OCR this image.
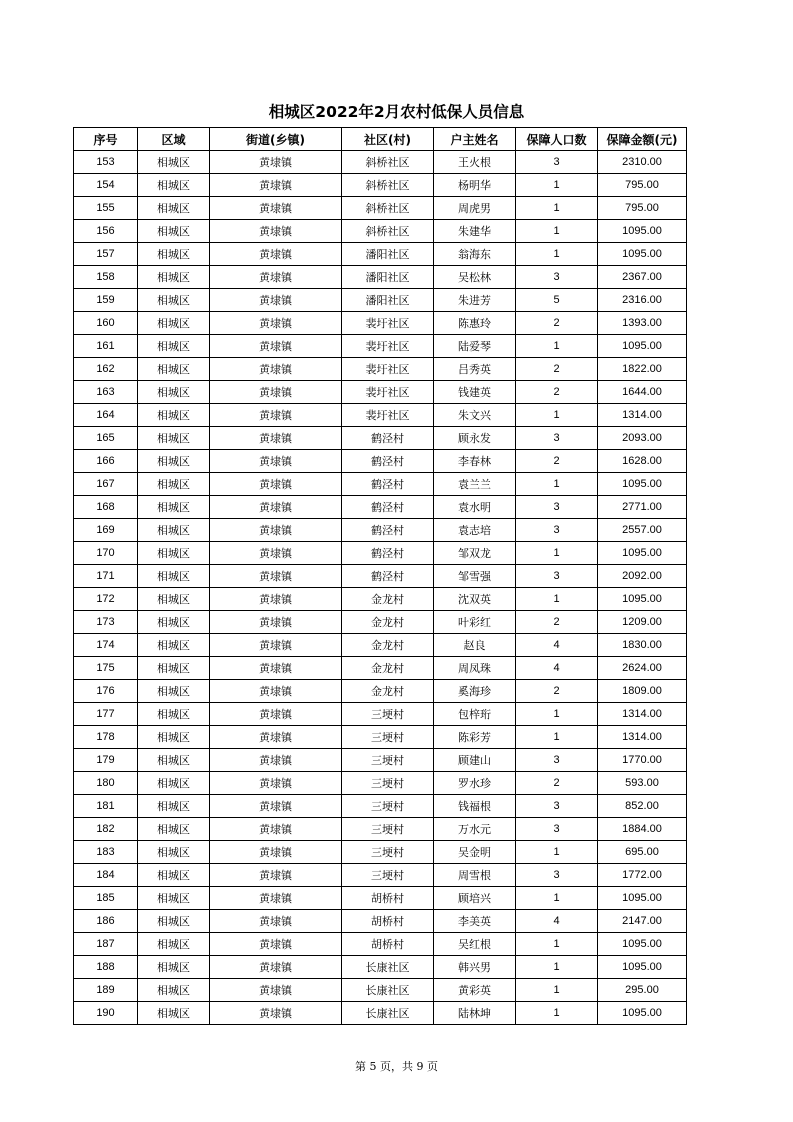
相城区2022年2月农村低保人员信息
序号	区域	街道(乡镇)	社区(村)	户主姓名	保障人口数	保障金额(元)
153	相城区	黄埭镇	斜桥社区	王火根	3	2310.00
154	相城区	黄埭镇	斜桥社区	杨明华	1	795.00
155	相城区	黄埭镇	斜桥社区	周虎男	1	795.00
156	相城区	黄埭镇	斜桥社区	朱建华	1	1095.00
157	相城区	黄埭镇	潘阳社区	翁海东	1	1095.00
158	相城区	黄埭镇	潘阳社区	吴松林	3	2367.00
159	相城区	黄埭镇	潘阳社区	朱进芳	5	2316.00
160	相城区	黄埭镇	裴圩社区	陈惠玲	2	1393.00
161	相城区	黄埭镇	裴圩社区	陆爱琴	1	1095.00
162	相城区	黄埭镇	裴圩社区	吕秀英	2	1822.00
163	相城区	黄埭镇	裴圩社区	钱建英	2	1644.00
164	相城区	黄埭镇	裴圩社区	朱文兴	1	1314.00
165	相城区	黄埭镇	鹤泾村	顾永发	3	2093.00
166	相城区	黄埭镇	鹤泾村	李春林	2	1628.00
167	相城区	黄埭镇	鹤泾村	袁兰兰	1	1095.00
168	相城区	黄埭镇	鹤泾村	袁水明	3	2771.00
169	相城区	黄埭镇	鹤泾村	袁志培	3	2557.00
170	相城区	黄埭镇	鹤泾村	邹双龙	1	1095.00
171	相城区	黄埭镇	鹤泾村	邹雪强	3	2092.00
172	相城区	黄埭镇	金龙村	沈双英	1	1095.00
173	相城区	黄埭镇	金龙村	叶彩红	2	1209.00
174	相城区	黄埭镇	金龙村	赵良	4	1830.00
175	相城区	黄埭镇	金龙村	周凤珠	4	2624.00
176	相城区	黄埭镇	金龙村	奚海珍	2	1809.00
177	相城区	黄埭镇	三埂村	包梓珩	1	1314.00
178	相城区	黄埭镇	三埂村	陈彩芳	1	1314.00
179	相城区	黄埭镇	三埂村	顾建山	3	1770.00
180	相城区	黄埭镇	三埂村	罗水珍	2	593.00
181	相城区	黄埭镇	三埂村	钱福根	3	852.00
182	相城区	黄埭镇	三埂村	万水元	3	1884.00
183	相城区	黄埭镇	三埂村	吴金明	1	695.00
184	相城区	黄埭镇	三埂村	周雪根	3	1772.00
185	相城区	黄埭镇	胡桥村	顾培兴	1	1095.00
186	相城区	黄埭镇	胡桥村	李美英	4	2147.00
187	相城区	黄埭镇	胡桥村	吴红根	1	1095.00
188	相城区	黄埭镇	长康社区	韩兴男	1	1095.00
189	相城区	黄埭镇	长康社区	黄彩英	1	295.00
190	相城区	黄埭镇	长康社区	陆林坤	1	1095.00
第 5 页，共 9 页
